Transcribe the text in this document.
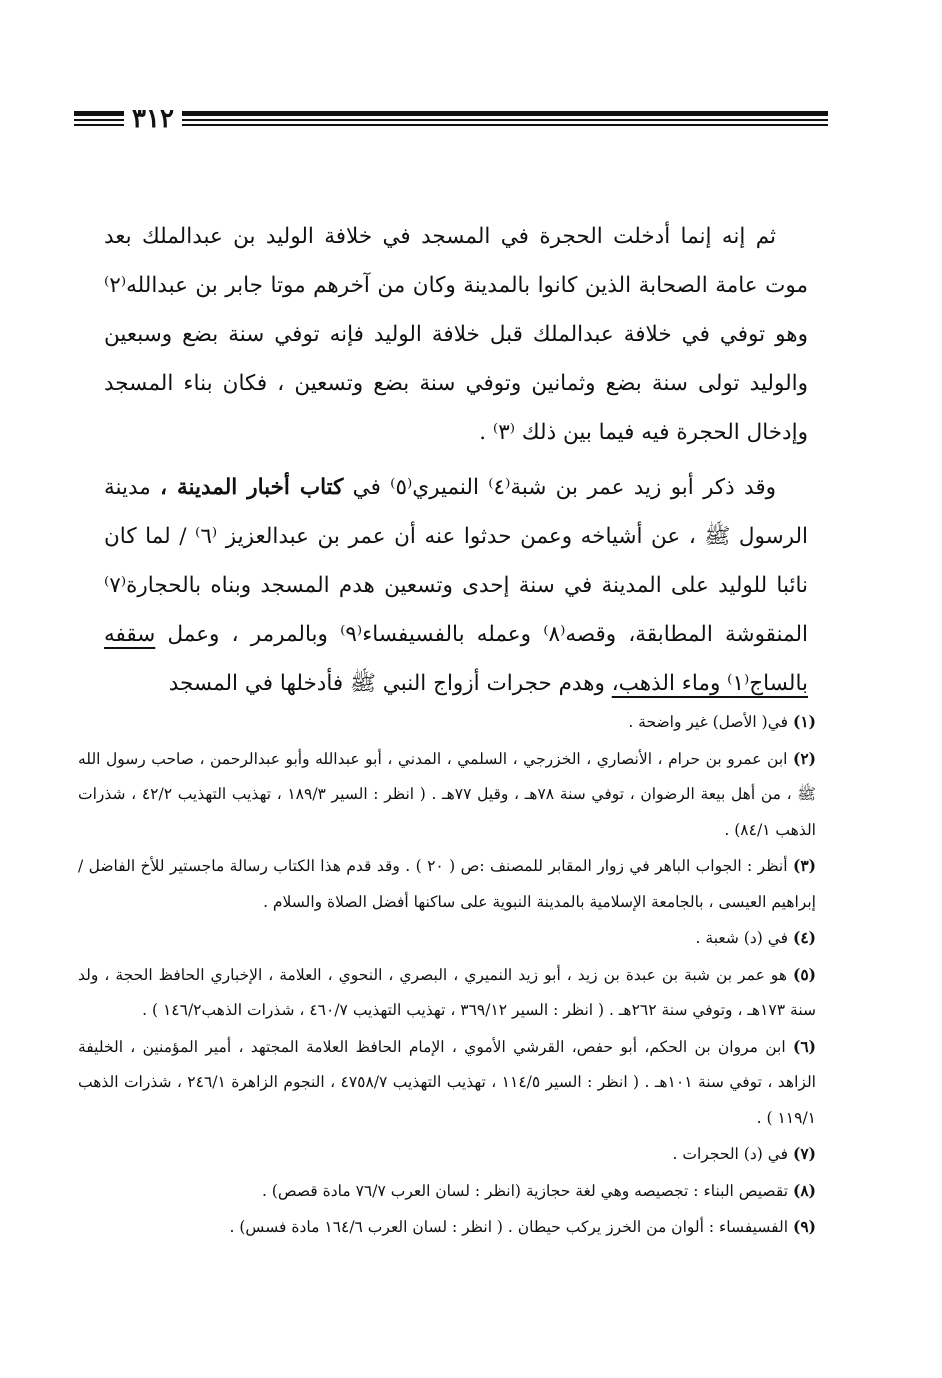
٣١٢

ثم إنه إنما أدخلت الحجرة في المسجد في خلافة الوليد بن عبدالملك بعد موت عامة الصحابة الذين كانوا بالمدينة وكان من آخرهم موتا جابر بن عبدالله⁽٢⁾ وهو توفي في خلافة عبدالملك قبل خلافة الوليد فإنه توفي سنة بضع وسبعين والوليد تولى سنة بضع وثمانين وتوفي سنة بضع وتسعين ، فكان بناء المسجد وإدخال الحجرة فيه فيما بين ذلك ⁽٣⁾ .

وقد ذكر أبو زيد عمر بن شبة⁽٤⁾ النميري⁽٥⁾ في كتاب أخبار المدينة ، مدينة الرسول ﷺ ، عن أشياخه وعمن حدثوا عنه أن عمر بن عبدالعزيز ⁽٦⁾ / لما كان نائبا للوليد على المدينة في سنة إحدى وتسعين هدم المسجد وبناه بالحجارة⁽٧⁾ المنقوشة المطابقة، وقصه⁽٨⁾ وعمله بالفسيفساء⁽٩⁾ وبالمرمر ، وعمل سقفه بالساج⁽١⁾ وماء الذهب، وهدم حجرات أزواج النبي ﷺ فأدخلها في المسجد

(١) في( الأصل) غير واضحة .

(٢) ابن عمرو بن حرام ، الأنصاري ، الخزرجي ، السلمي ، المدني ، أبو عبدالله وأبو عبدالرحمن ، صاحب رسول الله ﷺ ، من أهل بيعة الرضوان ، توفي سنة ٧٨هـ ، وقيل ٧٧هـ . ( انظر : السير ١٨٩/٣ ، تهذيب التهذيب ٤٢/٢ ، شذرات الذهب ٨٤/١) .

(٣) أنظر : الجواب الباهر في زوار المقابر للمصنف :ص ( ٢٠ ) . وقد قدم هذا الكتاب رسالة ماجستير للأخ الفاضل / إبراهيم العيسى ، بالجامعة الإسلامية بالمدينة النبوية على ساكنها أفضل الصلاة والسلام .

(٤) في (د) شعبة .

(٥) هو عمر بن شبة بن عبدة بن زيد ، أبو زيد النميري ، البصري ، النحوي ، العلامة ، الإخباري الحافظ الحجة ، ولد سنة ١٧٣هـ ، وتوفي سنة ٢٦٢هـ . ( انظر : السير ٣٦٩/١٢ ، تهذيب التهذيب ٤٦٠/٧ ، شذرات الذهب١٤٦/٢ ) .

(٦) ابن مروان بن الحكم، أبو حفص، القرشي الأموي ، الإمام الحافظ العلامة المجتهد ، أمير المؤمنين ، الخليفة الزاهد ، توفي سنة ١٠١هـ . ( انظر : السير ١١٤/٥ ، تهذيب التهذيب ٤٧٥٨/٧ ، النجوم الزاهرة ٢٤٦/١ ، شذرات الذهب ١١٩/١ ) .

(٧) في (د) الحجرات .

(٨) تقصيص البناء : تجصيصه وهي لغة حجازية (انظر : لسان العرب ٧٦/٧ مادة قصص) .

(٩) الفسيفساء : ألوان من الخرز يركب حيطان . ( انظر : لسان العرب ١٦٤/٦ مادة فسس) .
